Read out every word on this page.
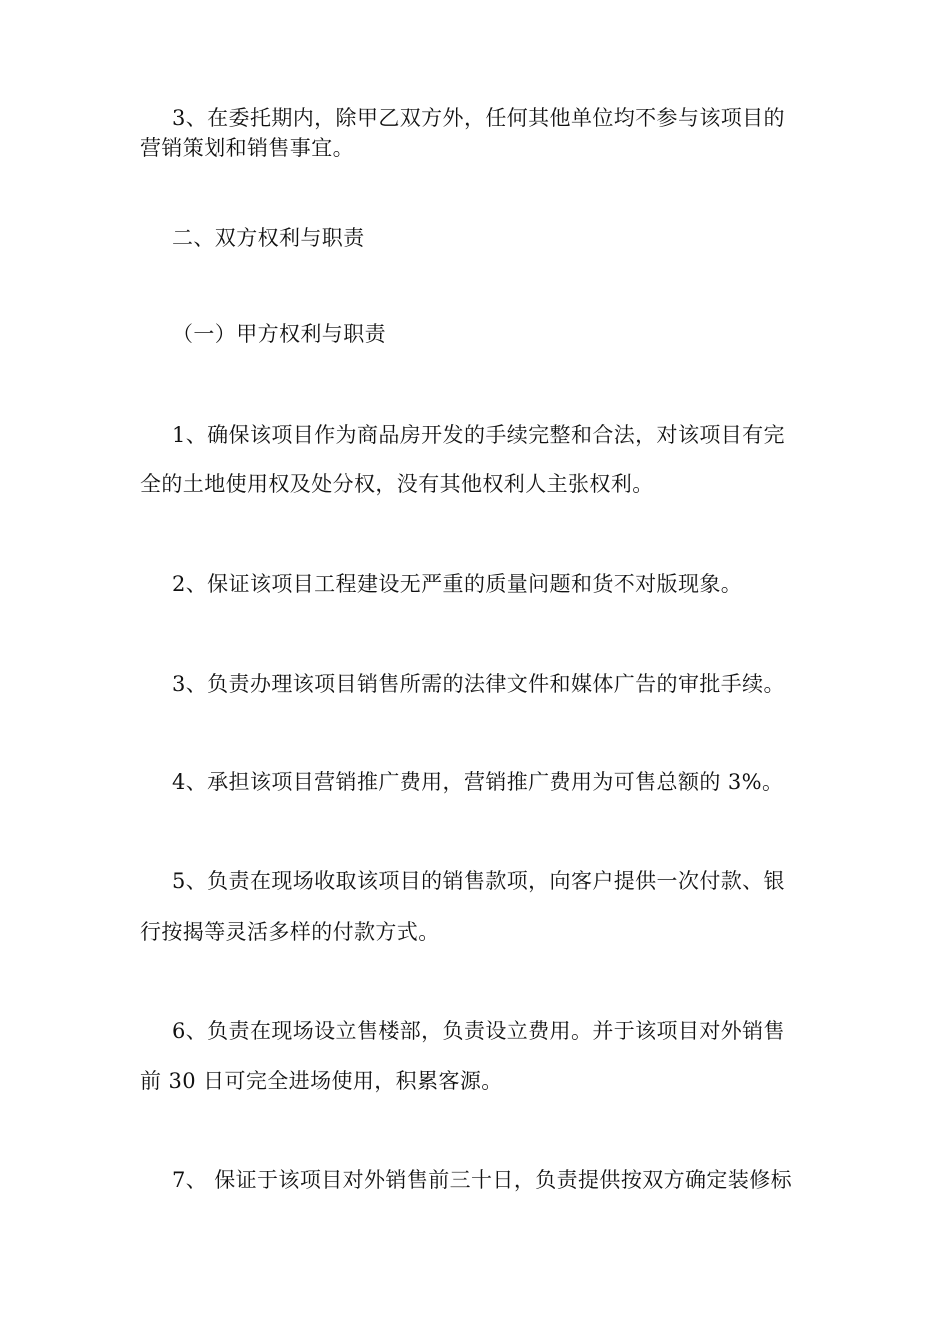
3、在委托期内，除甲乙双方外，任何其他单位均不参与该项目的
营销策划和销售事宜。
二、双方权利与职责
（一）甲方权利与职责
1、确保该项目作为商品房开发的手续完整和合法，对该项目有完
全的土地使用权及处分权，没有其他权利人主张权利。
2、保证该项目工程建设无严重的质量问题和货不对版现象。
3、负责办理该项目销售所需的法律文件和媒体广告的审批手续。
4、承担该项目营销推广费用，营销推广费用为可售总额的 3%。
5、负责在现场收取该项目的销售款项，向客户提供一次付款、银
行按揭等灵活多样的付款方式。
6、负责在现场设立售楼部，负责设立费用。并于该项目对外销售
前 30 日可完全进场使用，积累客源。
7、 保证于该项目对外销售前三十日，负责提供按双方确定装修标
